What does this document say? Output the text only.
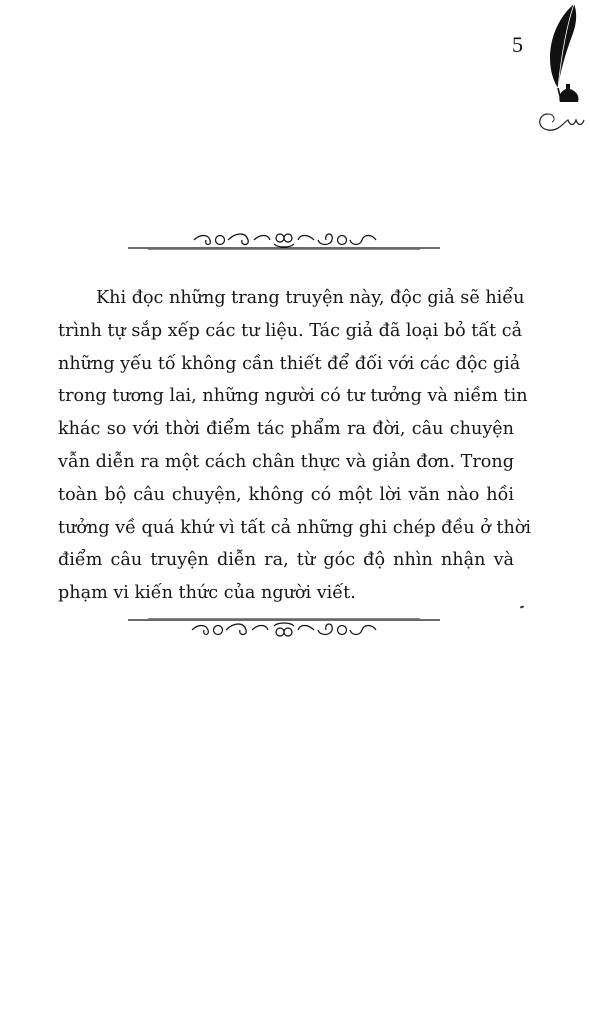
5
Khi đọc những trang truyện này, độc giả sẽ hiểu
trình tự sắp xếp các tư liệu. Tác giả đã loại bỏ tất cả
những yếu tố không cần thiết để đối với các độc giả
trong tương lai, những người có tư tưởng và niềm tin
khác so với thời điểm tác phẩm ra đời, câu chuyện
vẫn diễn ra một cách chân thực và giản đơn. Trong
toàn bộ câu chuyện, không có một lời văn nào hồi
tưởng về quá khứ vì tất cả những ghi chép đều ở thời
điểm câu truyện diễn ra, từ góc độ nhìn nhận và
phạm vi kiến thức của người viết.
